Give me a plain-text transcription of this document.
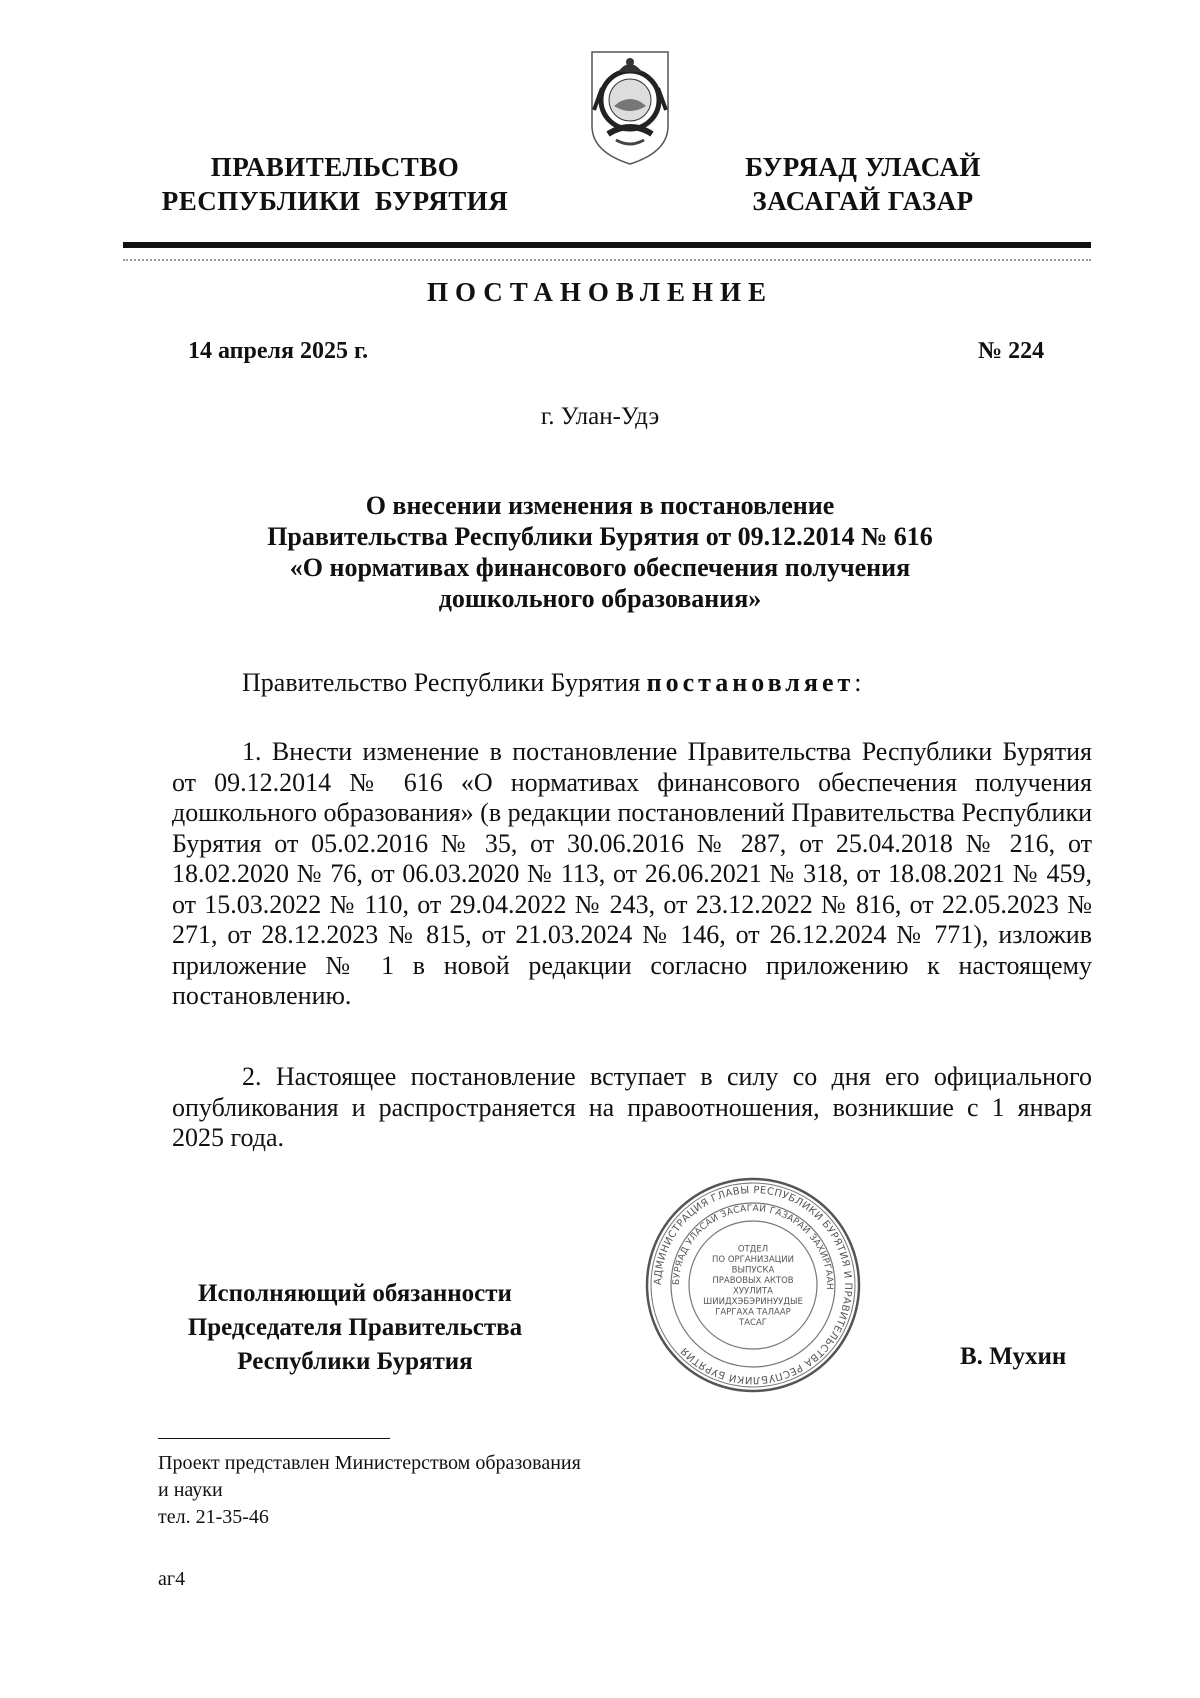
ПРАВИТЕЛЬСТВО
РЕСПУБЛИКИ  БУРЯТИЯ
БУРЯАД УЛАСАЙ
ЗАСАГАЙ ГАЗАР
ПОСТАНОВЛЕНИЕ
14 апреля 2025 г.	№ 224
г. Улан-Удэ
О внесении изменения в постановление
Правительства Республики Бурятия от 09.12.2014 № 616
«О нормативах финансового обеспечения получения
дошкольного образования»
Правительство Республики Бурятия постановляет:
1. Внести изменение в постановление Правительства Республики Бурятия от 09.12.2014 № 616 «О нормативах финансового обеспечения получения дошкольного образования» (в редакции постановлений Правительства Республики Бурятия от 05.02.2016 № 35, от 30.06.2016 № 287, от 25.04.2018 № 216, от 18.02.2020 № 76, от 06.03.2020 № 113, от 26.06.2021 № 318, от 18.08.2021 № 459, от 15.03.2022 № 110, от 29.04.2022 № 243, от 23.12.2022 № 816, от 22.05.2023 № 271, от 28.12.2023 № 815, от 21.03.2024 № 146, от 26.12.2024 № 771), изложив приложение № 1 в новой редакции согласно приложению к настоящему постановлению.
2. Настоящее постановление вступает в силу со дня его официального опубликования и распространяется на правоотношения, возникшие с 1 января 2025 года.
Исполняющий обязанности
Председателя Правительства
Республики Бурятия	В. Мухин
АДМИНИСТРАЦИЯ ГЛАВЫ РЕСПУБЛИКИ БУРЯТИЯ И ПРАВИТЕЛЬСТВА РЕСПУБЛИКИ БУРЯТИЯ
БУРЯАД УЛАСАЙ ЗАСАГАЙ ГАЗАРАЙ ЗАХИРГААН
ОТДЕЛ
ПО ОРГАНИЗАЦИИ
ВЫПУСКА
ПРАВОВЫХ АКТОВ
ХУУЛИТА
ШИИДХЭБЭРИНУУДЫЕ
ГАРГАХА ТАЛААР
ТАСАГ
Проект представлен Министерством образования
и науки
тел. 21-35-46
аг4
